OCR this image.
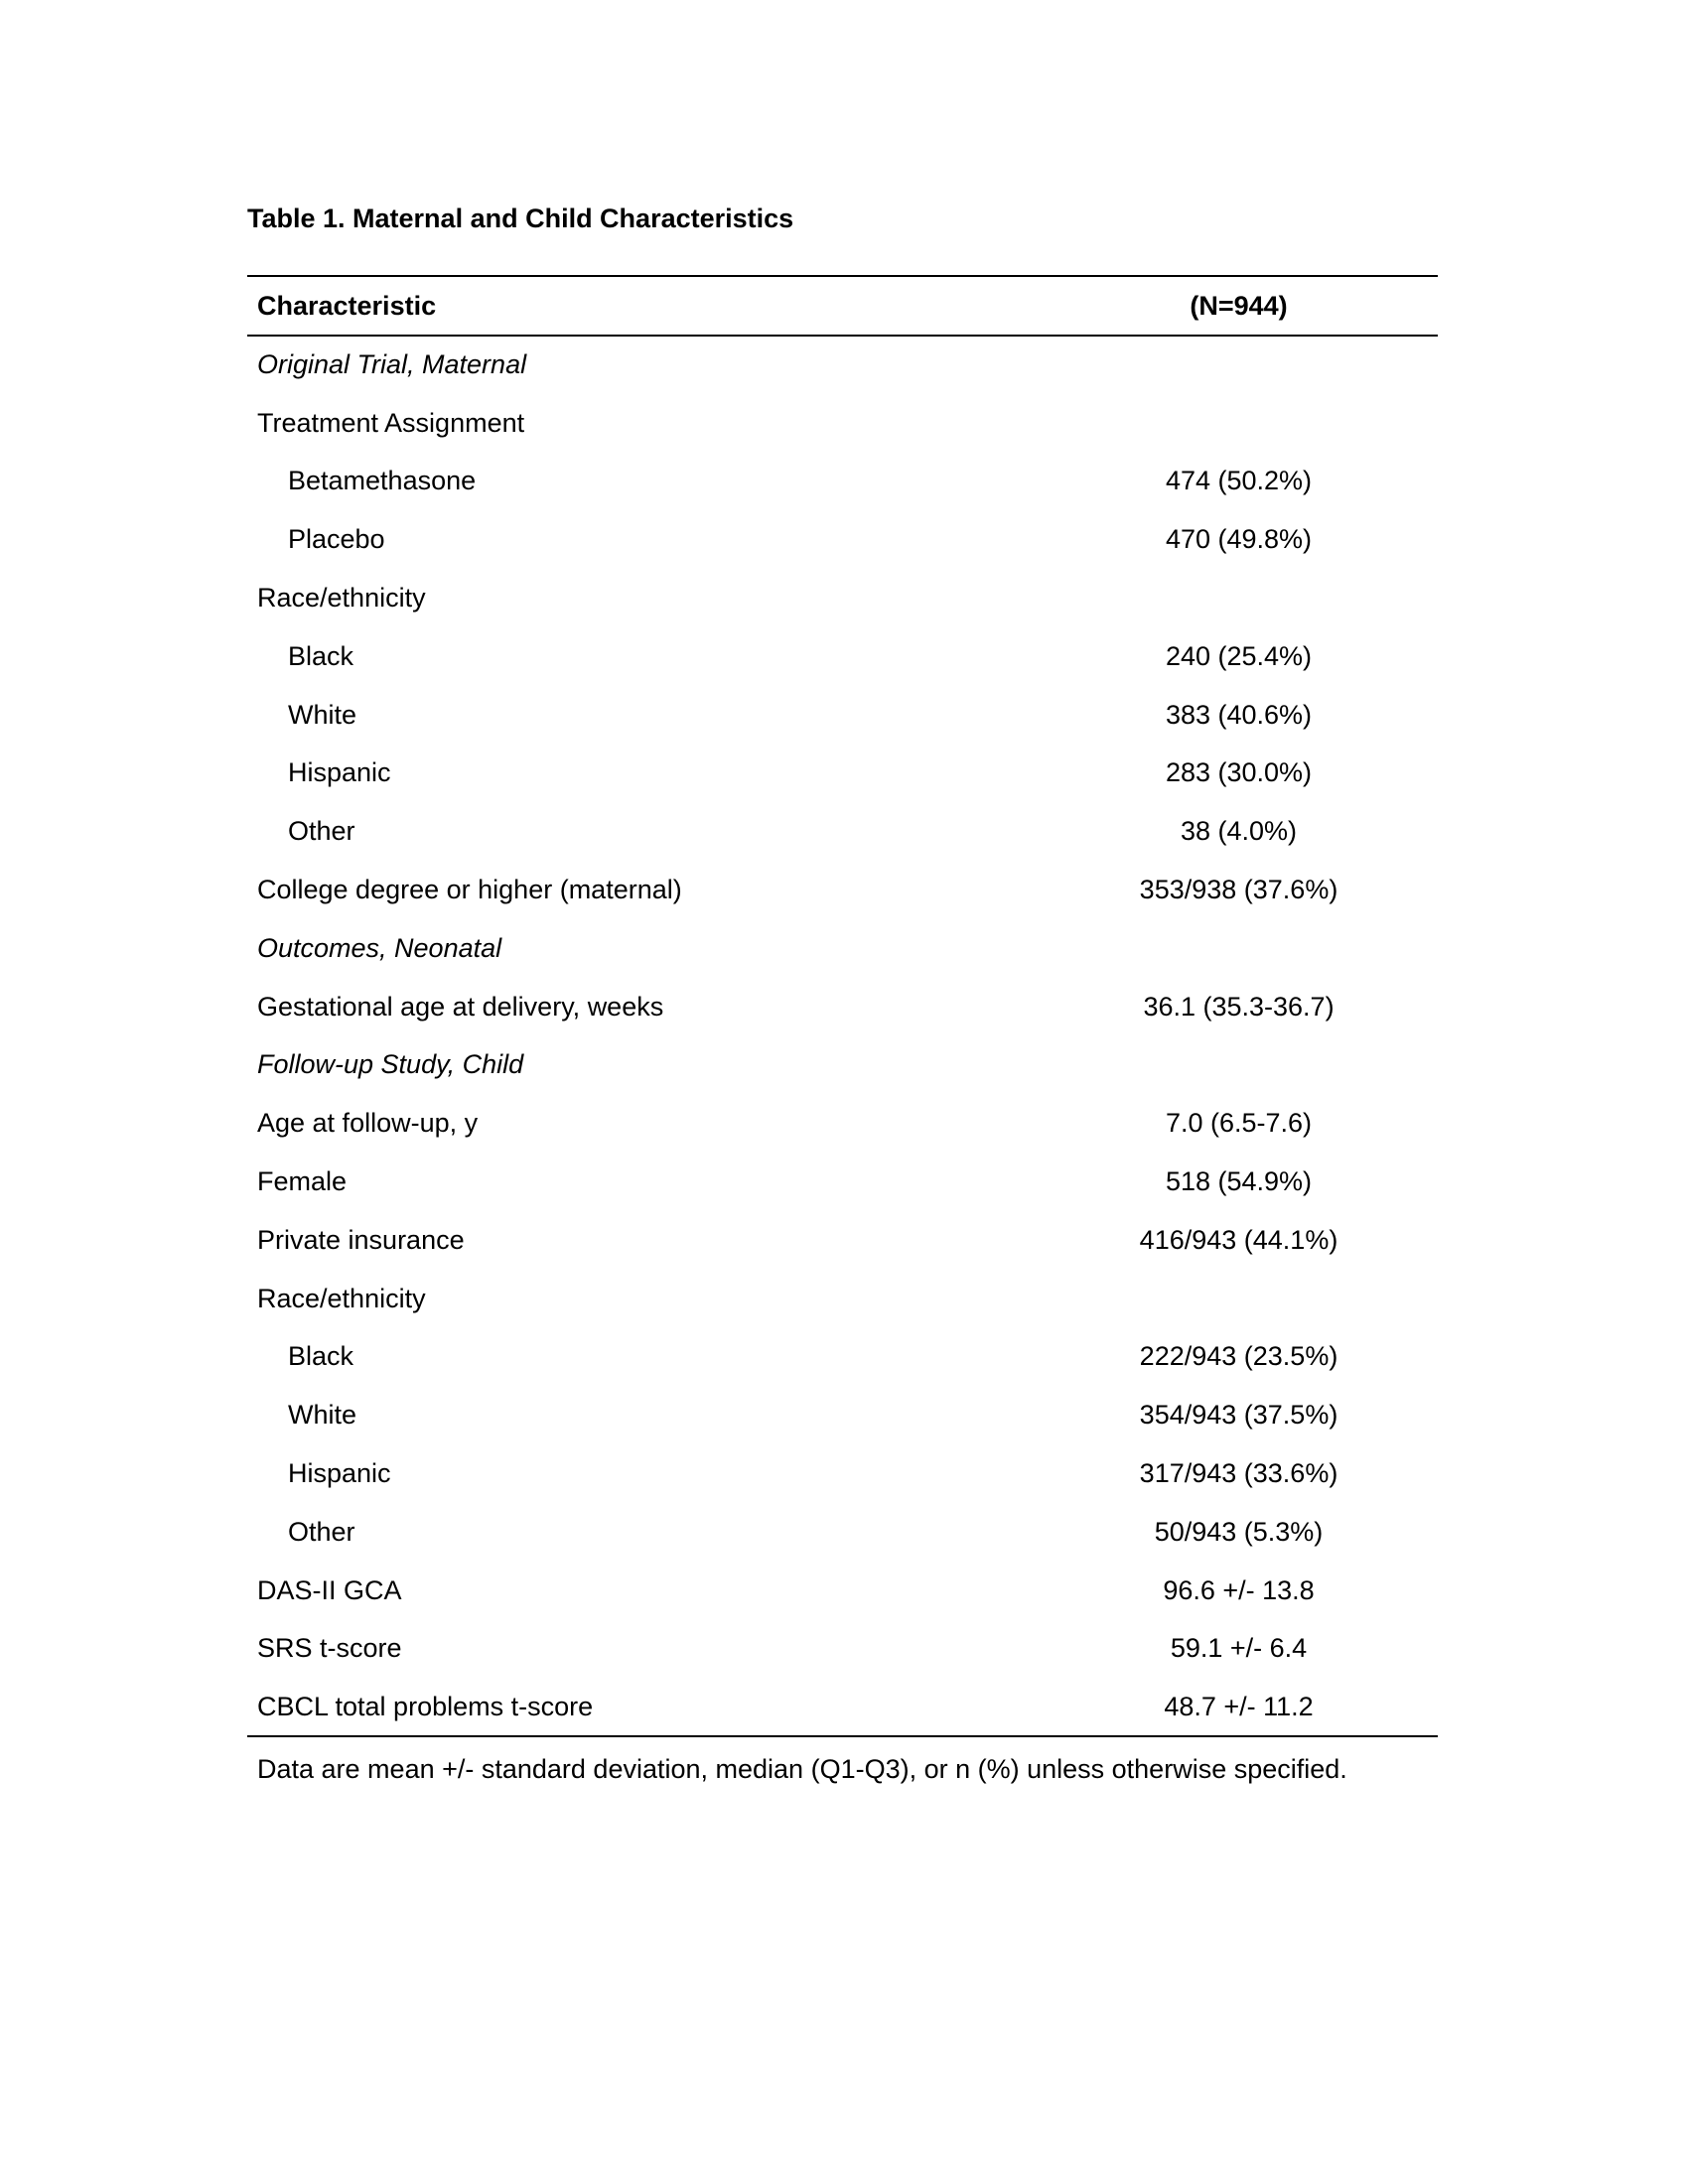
Table 1. Maternal and Child Characteristics
Characteristic	(N=944)
Original Trial, Maternal	
Treatment Assignment	
Betamethasone	474 (50.2%)
Placebo	470 (49.8%)
Race/ethnicity	
Black	240 (25.4%)
White	383 (40.6%)
Hispanic	283 (30.0%)
Other	38 (4.0%)
College degree or higher (maternal)	353/938 (37.6%)
Outcomes, Neonatal	
Gestational age at delivery, weeks	36.1 (35.3-36.7)
Follow-up Study, Child	
Age at follow-up, y	7.0 (6.5-7.6)
Female	518 (54.9%)
Private insurance	416/943 (44.1%)
Race/ethnicity	
Black	222/943 (23.5%)
White	354/943 (37.5%)
Hispanic	317/943 (33.6%)
Other	50/943 (5.3%)
DAS-II GCA	96.6 +/- 13.8
SRS t-score	59.1 +/- 6.4
CBCL total problems t-score	48.7 +/- 11.2
Data are mean +/- standard deviation, median (Q1-Q3), or n (%) unless otherwise specified.
